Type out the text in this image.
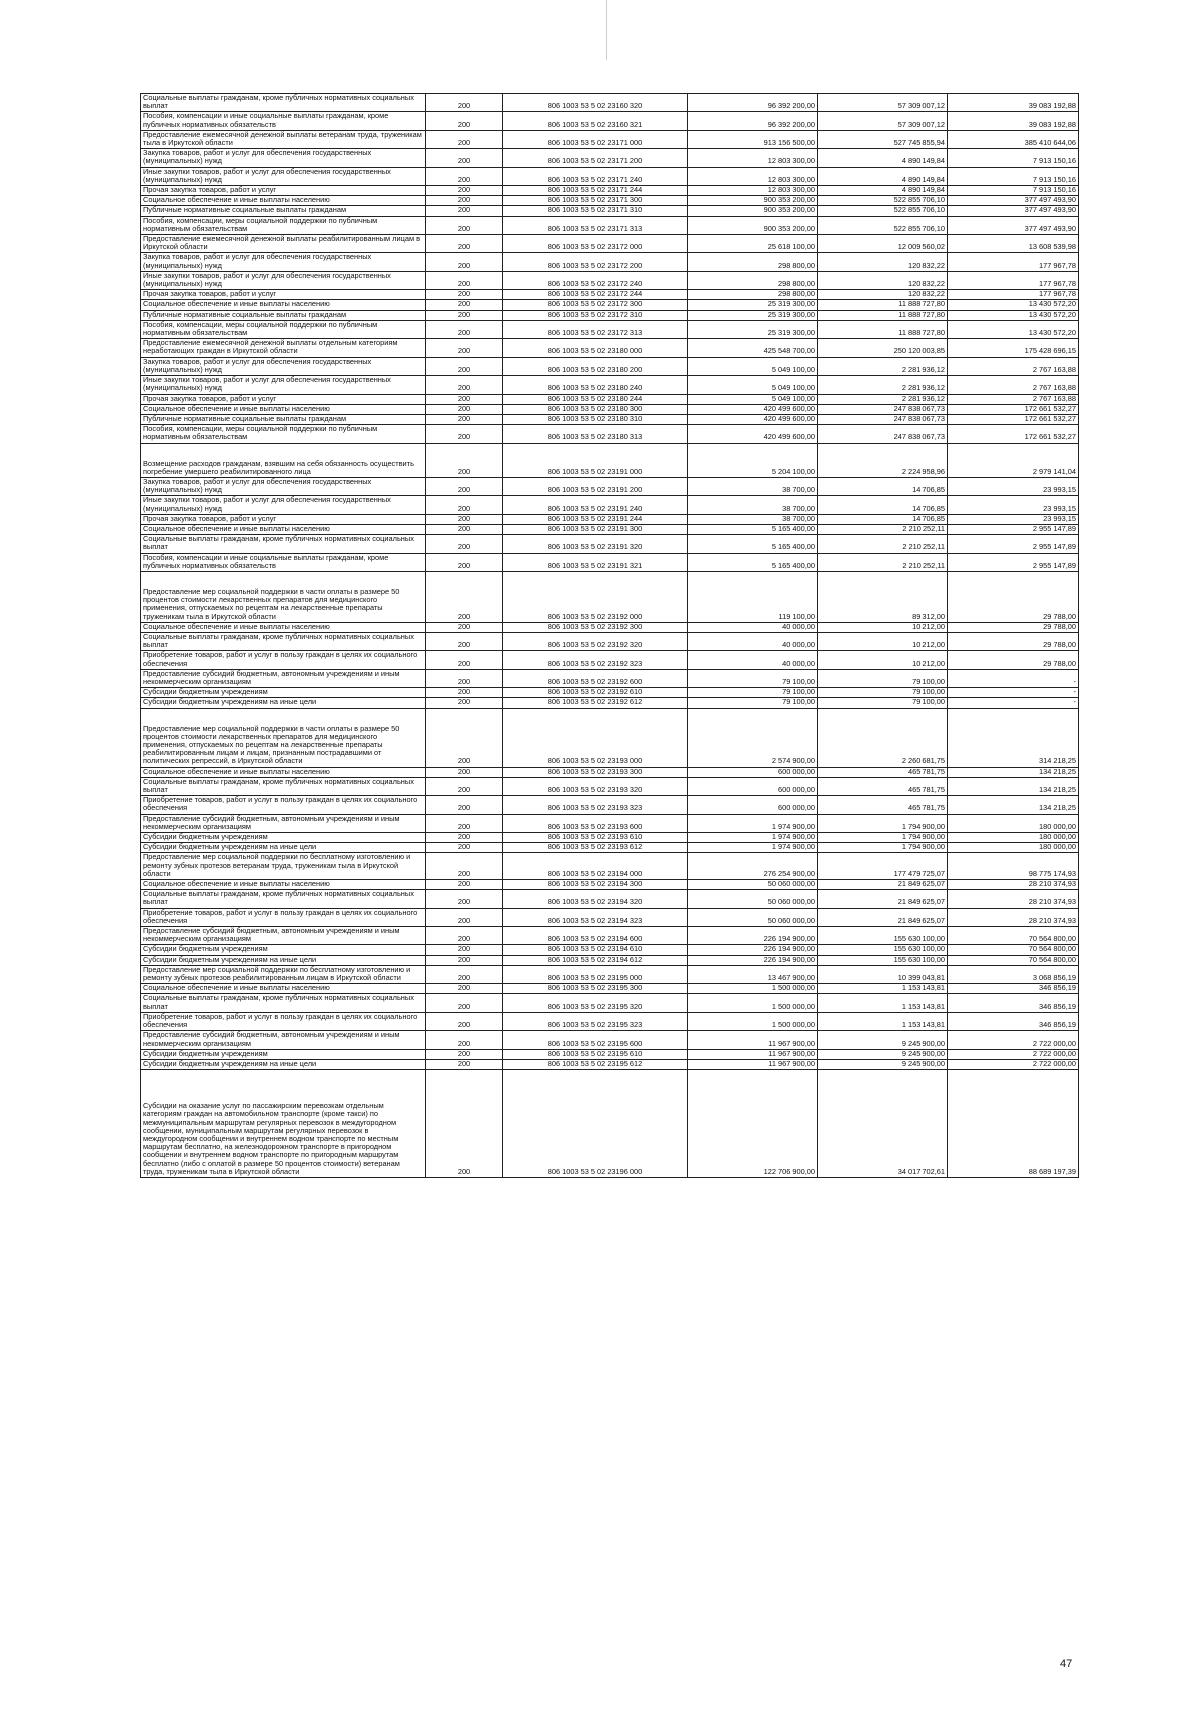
Социальные выплаты гражданам, кроме публичных нормативных социальных выплат	200	806 1003 53 5 02 23160 320	96 392 200,00	57 309 007,12	39 083 192,88
Пособия, компенсации и иные социальные выплаты гражданам, кроме публичных нормативных обязательств	200	806 1003 53 5 02 23160 321	96 392 200,00	57 309 007,12	39 083 192,88
Предоставление ежемесячной денежной выплаты ветеранам труда, труженикам тыла в Иркутской области	200	806 1003 53 5 02 23171 000	913 156 500,00	527 745 855,94	385 410 644,06
Закупка товаров, работ и услуг для обеспечения государственных (муниципальных) нужд	200	806 1003 53 5 02 23171 200	12 803 300,00	4 890 149,84	7 913 150,16
Иные закупки товаров, работ и услуг для обеспечения государственных (муниципальных) нужд	200	806 1003 53 5 02 23171 240	12 803 300,00	4 890 149,84	7 913 150,16
Прочая закупка товаров, работ и услуг	200	806 1003 53 5 02 23171 244	12 803 300,00	4 890 149,84	7 913 150,16
Социальное обеспечение и иные выплаты населению	200	806 1003 53 5 02 23171 300	900 353 200,00	522 855 706,10	377 497 493,90
Публичные нормативные социальные выплаты гражданам	200	806 1003 53 5 02 23171 310	900 353 200,00	522 855 706,10	377 497 493,90
Пособия, компенсации, меры социальной поддержки по публичным нормативным обязательствам	200	806 1003 53 5 02 23171 313	900 353 200,00	522 855 706,10	377 497 493,90
Предоставление ежемесячной денежной выплаты реабилитированным лицам в Иркутской области	200	806 1003 53 5 02 23172 000	25 618 100,00	12 009 560,02	13 608 539,98
Закупка товаров, работ и услуг для обеспечения государственных (муниципальных) нужд	200	806 1003 53 5 02 23172 200	298 800,00	120 832,22	177 967,78
Иные закупки товаров, работ и услуг для обеспечения государственных (муниципальных) нужд	200	806 1003 53 5 02 23172 240	298 800,00	120 832,22	177 967,78
Прочая закупка товаров, работ и услуг	200	806 1003 53 5 02 23172 244	298 800,00	120 832,22	177 967,78
Социальное обеспечение и иные выплаты населению	200	806 1003 53 5 02 23172 300	25 319 300,00	11 888 727,80	13 430 572,20
Публичные нормативные социальные выплаты гражданам	200	806 1003 53 5 02 23172 310	25 319 300,00	11 888 727,80	13 430 572,20
Пособия, компенсации, меры социальной поддержки по публичным нормативным обязательствам	200	806 1003 53 5 02 23172 313	25 319 300,00	11 888 727,80	13 430 572,20
Предоставление ежемесячной денежной выплаты отдельным категориям неработающих граждан в Иркутской области	200	806 1003 53 5 02 23180 000	425 548 700,00	250 120 003,85	175 428 696,15
Закупка товаров, работ и услуг для обеспечения государственных (муниципальных) нужд	200	806 1003 53 5 02 23180 200	5 049 100,00	2 281 936,12	2 767 163,88
Иные закупки товаров, работ и услуг для обеспечения государственных (муниципальных) нужд	200	806 1003 53 5 02 23180 240	5 049 100,00	2 281 936,12	2 767 163,88
Прочая закупка товаров, работ и услуг	200	806 1003 53 5 02 23180 244	5 049 100,00	2 281 936,12	2 767 163,88
Социальное обеспечение и иные выплаты населению	200	806 1003 53 5 02 23180 300	420 499 600,00	247 838 067,73	172 661 532,27
Публичные нормативные социальные выплаты гражданам	200	806 1003 53 5 02 23180 310	420 499 600,00	247 838 067,73	172 661 532,27
Пособия, компенсации, меры социальной поддержки по публичным нормативным обязательствам	200	806 1003 53 5 02 23180 313	420 499 600,00	247 838 067,73	172 661 532,27
Возмещение расходов гражданам, взявшим на себя обязанность осуществить погребение умершего реабилитированного лица	200	806 1003 53 5 02 23191 000	5 204 100,00	2 224 958,96	2 979 141,04
Закупка товаров, работ и услуг для обеспечения государственных (муниципальных) нужд	200	806 1003 53 5 02 23191 200	38 700,00	14 706,85	23 993,15
Иные закупки товаров, работ и услуг для обеспечения государственных (муниципальных) нужд	200	806 1003 53 5 02 23191 240	38 700,00	14 706,85	23 993,15
Прочая закупка товаров, работ и услуг	200	806 1003 53 5 02 23191 244	38 700,00	14 706,85	23 993,15
Социальное обеспечение и иные выплаты населению	200	806 1003 53 5 02 23191 300	5 165 400,00	2 210 252,11	2 955 147,89
Социальные выплаты гражданам, кроме публичных нормативных социальных выплат	200	806 1003 53 5 02 23191 320	5 165 400,00	2 210 252,11	2 955 147,89
Пособия, компенсации и иные социальные выплаты гражданам, кроме публичных нормативных обязательств	200	806 1003 53 5 02 23191 321	5 165 400,00	2 210 252,11	2 955 147,89
Предоставление мер социальной поддержки в части оплаты в размере 50 процентов стоимости лекарственных препаратов для медицинского применения, отпускаемых по рецептам на лекарственные препараты труженикам тыла в Иркутской области	200	806 1003 53 5 02 23192 000	119 100,00	89 312,00	29 788,00
Социальное обеспечение и иные выплаты населению	200	806 1003 53 5 02 23192 300	40 000,00	10 212,00	29 788,00
Социальные выплаты гражданам, кроме публичных нормативных социальных выплат	200	806 1003 53 5 02 23192 320	40 000,00	10 212,00	29 788,00
Приобретение товаров, работ и услуг в пользу граждан в целях их социального обеспечения	200	806 1003 53 5 02 23192 323	40 000,00	10 212,00	29 788,00
Предоставление субсидий бюджетным, автономным учреждениям и иным некоммерческим организациям	200	806 1003 53 5 02 23192 600	79 100,00	79 100,00	-
Субсидии бюджетным учреждениям	200	806 1003 53 5 02 23192 610	79 100,00	79 100,00	-
Субсидии бюджетным учреждениям на иные цели	200	806 1003 53 5 02 23192 612	79 100,00	79 100,00	-
Предоставление мер социальной поддержки в части оплаты в размере 50 процентов стоимости лекарственных препаратов для медицинского применения, отпускаемых по рецептам на лекарственные препараты реабилитированным лицам и лицам, признанным пострадавшими от политических репрессий, в Иркутской области	200	806 1003 53 5 02 23193 000	2 574 900,00	2 260 681,75	314 218,25
Социальное обеспечение и иные выплаты населению	200	806 1003 53 5 02 23193 300	600 000,00	465 781,75	134 218,25
Социальные выплаты гражданам, кроме публичных нормативных социальных выплат	200	806 1003 53 5 02 23193 320	600 000,00	465 781,75	134 218,25
Приобретение товаров, работ и услуг в пользу граждан в целях их социального обеспечения	200	806 1003 53 5 02 23193 323	600 000,00	465 781,75	134 218,25
Предоставление субсидий бюджетным, автономным учреждениям и иным некоммерческим организациям	200	806 1003 53 5 02 23193 600	1 974 900,00	1 794 900,00	180 000,00
Субсидии бюджетным учреждениям	200	806 1003 53 5 02 23193 610	1 974 900,00	1 794 900,00	180 000,00
Субсидии бюджетным учреждениям на иные цели	200	806 1003 53 5 02 23193 612	1 974 900,00	1 794 900,00	180 000,00
Предоставление мер социальной поддержки по бесплатному изготовлению и ремонту зубных протезов ветеранам труда, труженикам тыла в Иркутской области	200	806 1003 53 5 02 23194 000	276 254 900,00	177 479 725,07	98 775 174,93
Социальное обеспечение и иные выплаты населению	200	806 1003 53 5 02 23194 300	50 060 000,00	21 849 625,07	28 210 374,93
Социальные выплаты гражданам, кроме публичных нормативных социальных выплат	200	806 1003 53 5 02 23194 320	50 060 000,00	21 849 625,07	28 210 374,93
Приобретение товаров, работ и услуг в пользу граждан в целях их социального обеспечения	200	806 1003 53 5 02 23194 323	50 060 000,00	21 849 625,07	28 210 374,93
Предоставление субсидий бюджетным, автономным учреждениям и иным некоммерческим организациям	200	806 1003 53 5 02 23194 600	226 194 900,00	155 630 100,00	70 564 800,00
Субсидии бюджетным учреждениям	200	806 1003 53 5 02 23194 610	226 194 900,00	155 630 100,00	70 564 800,00
Субсидии бюджетным учреждениям на иные цели	200	806 1003 53 5 02 23194 612	226 194 900,00	155 630 100,00	70 564 800,00
Предоставление мер социальной поддержки по бесплатному изготовлению и ремонту зубных протезов реабилитированным лицам в Иркутской области	200	806 1003 53 5 02 23195 000	13 467 900,00	10 399 043,81	3 068 856,19
Социальное обеспечение и иные выплаты населению	200	806 1003 53 5 02 23195 300	1 500 000,00	1 153 143,81	346 856,19
Социальные выплаты гражданам, кроме публичных нормативных социальных выплат	200	806 1003 53 5 02 23195 320	1 500 000,00	1 153 143,81	346 856,19
Приобретение товаров, работ и услуг в пользу граждан в целях их социального обеспечения	200	806 1003 53 5 02 23195 323	1 500 000,00	1 153 143,81	346 856,19
Предоставление субсидий бюджетным, автономным учреждениям и иным некоммерческим организациям	200	806 1003 53 5 02 23195 600	11 967 900,00	9 245 900,00	2 722 000,00
Субсидии бюджетным учреждениям	200	806 1003 53 5 02 23195 610	11 967 900,00	9 245 900,00	2 722 000,00
Субсидии бюджетным учреждениям на иные цели	200	806 1003 53 5 02 23195 612	11 967 900,00	9 245 900,00	2 722 000,00
Субсидии на оказание услуг по пассажирским перевозкам отдельным категориям граждан на автомобильном транспорте (кроме такси) по межмуниципальным маршрутам регулярных перевозок в междугородном сообщении, муниципальным маршрутам регулярных перевозок в междугородном сообщении и внутреннем водном транспорте по местным маршрутам бесплатно, на железнодорожном транспорте в пригородном сообщении и внутреннем водном транспорте по пригородным маршрутам бесплатно (либо с оплатой в размере 50 процентов стоимости) ветеранам труда, труженикам тыла в Иркутской области	200	806 1003 53 5 02 23196 000	122 706 900,00	34 017 702,61	88 689 197,39
47
